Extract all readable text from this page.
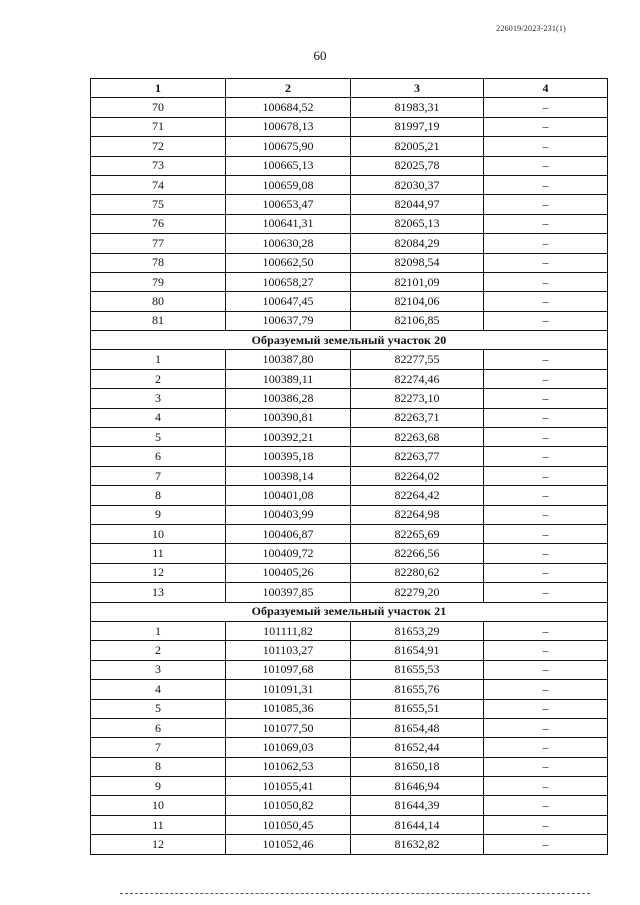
226019/2023-231(1)
60
1	2	3	4
70	100684,52	81983,31	–
71	100678,13	81997,19	–
72	100675,90	82005,21	–
73	100665,13	82025,78	–
74	100659,08	82030,37	–
75	100653,47	82044,97	–
76	100641,31	82065,13	–
77	100630,28	82084,29	–
78	100662,50	82098,54	–
79	100658,27	82101,09	–
80	100647,45	82104,06	–
81	100637,79	82106,85	–
Образуемый земельный участок 20			
1	100387,80	82277,55	–
2	100389,11	82274,46	–
3	100386,28	82273,10	–
4	100390,81	82263,71	–
5	100392,21	82263,68	–
6	100395,18	82263,77	–
7	100398,14	82264,02	–
8	100401,08	82264,42	–
9	100403,99	82264,98	–
10	100406,87	82265,69	–
11	100409,72	82266,56	–
12	100405,26	82280,62	–
13	100397,85	82279,20	–
Образуемый земельный участок 21			
1	101111,82	81653,29	–
2	101103,27	81654,91	–
3	101097,68	81655,53	–
4	101091,31	81655,76	–
5	101085,36	81655,51	–
6	101077,50	81654,48	–
7	101069,03	81652,44	–
8	101062,53	81650,18	–
9	101055,41	81646,94	–
10	101050,82	81644,39	–
11	101050,45	81644,14	–
12	101052,46	81632,82	–
